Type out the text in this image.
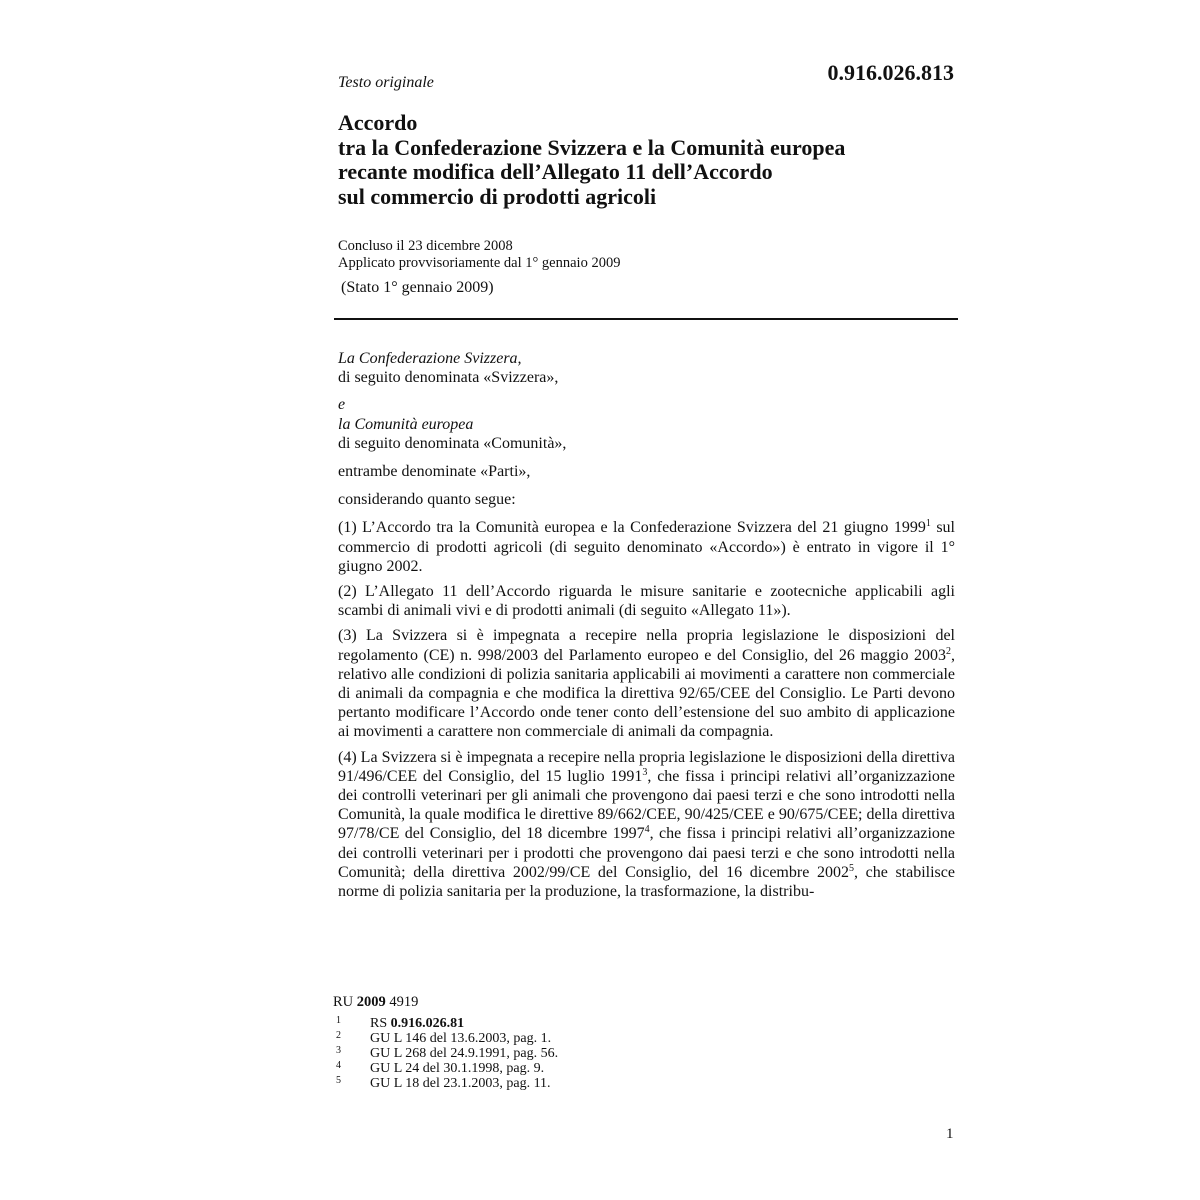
Testo originale	0.916.026.813
Accordo
tra la Confederazione Svizzera e la Comunità europea
recante modifica dell’Allegato 11 dell’Accordo
sul commercio di prodotti agricoli
Concluso il 23 dicembre 2008
Applicato provvisoriamente dal 1° gennaio 2009
(Stato 1° gennaio 2009)

La Confederazione Svizzera,

di seguito denominata «Svizzera»,

e

la Comunità europea

di seguito denominata «Comunità»,

entrambe denominate «Parti»,

considerando quanto segue:

(1) L’Accordo tra la Comunità europea e la Confederazione Svizzera del 21 giugno 1999$^1$ sul commercio di prodotti agricoli (di seguito denominato «Accordo») è entrato in vigore il 1° giugno 2002.

(2) L’Allegato 11 dell’Accordo riguarda le misure sanitarie e zootecniche applicabili agli scambi di animali vivi e di prodotti animali (di seguito «Allegato 11»).

(3) La Svizzera si è impegnata a recepire nella propria legislazione le disposizioni del regolamento (CE) n. 998/2003 del Parlamento europeo e del Consiglio, del 26 maggio 2003$^2$, relativo alle condizioni di polizia sanitaria applicabili ai movimenti a carattere non commerciale di animali da compagnia e che modifica la direttiva 92/65/CEE del Consiglio. Le Parti devono pertanto modificare l’Accordo onde tener conto dell’estensione del suo ambito di applicazione ai movimenti a carattere non commerciale di animali da compagnia.

(4) La Svizzera si è impegnata a recepire nella propria legislazione le disposizioni della direttiva 91/496/CEE del Consiglio, del 15 luglio 1991$^3$, che fissa i principi relativi all’organizzazione dei controlli veterinari per gli animali che provengono dai paesi terzi e che sono introdotti nella Comunità, la quale modifica le direttive 89/662/CEE, 90/425/CEE e 90/675/CEE; della direttiva 97/78/CE del Consiglio, del 18 dicembre 1997$^4$, che fissa i principi relativi all’organizzazione dei controlli veterinari per i prodotti che provengono dai paesi terzi e che sono introdotti nella Comunità; della direttiva 2002/99/CE del Consiglio, del 16 dicembre 2002$^5$, che stabilisce norme di polizia sanitaria per la produzione, la trasformazione, la distribu-

RU 2009 4919
1	RS 0.916.026.81
2	GU L 146 del 13.6.2003, pag. 1.
3	GU L 268 del 24.9.1991, pag. 56.
4	GU L 24 del 30.1.1998, pag. 9.
5	GU L 18 del 23.1.2003, pag. 11.
1
